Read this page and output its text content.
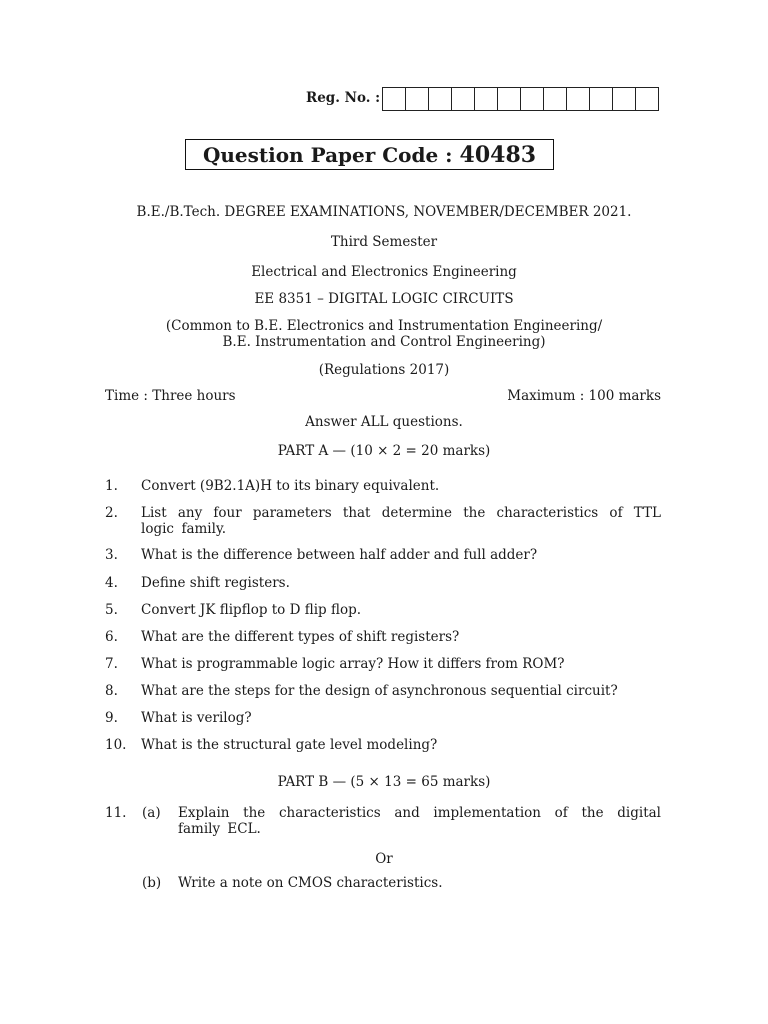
Reg. No. :
Question Paper Code : 40483
B.E./B.Tech. DEGREE EXAMINATIONS, NOVEMBER/DECEMBER 2021.
Third Semester
Electrical and Electronics Engineering
EE 8351 – DIGITAL LOGIC CIRCUITS
(Common to B.E. Electronics and Instrumentation Engineering/
B.E. Instrumentation and Control Engineering)
(Regulations 2017)
Time : Three hours	Maximum : 100 marks
Answer ALL questions.
PART A — (10 × 2 = 20 marks)
1. Convert (9B2.1A)H to its binary equivalent.
2. List any four parameters that determine the characteristics of TTL logic family.
3. What is the difference between half adder and full adder?
4. Define shift registers.
5. Convert JK flipflop to D flip flop.
6. What are the different types of shift registers?
7. What is programmable logic array? How it differs from ROM?
8. What are the steps for the design of asynchronous sequential circuit?
9. What is verilog?
10. What is the structural gate level modeling?
PART B — (5 × 13 = 65 marks)
11. (a) Explain the characteristics and implementation of the digital family ECL.
Or
(b) Write a note on CMOS characteristics.
